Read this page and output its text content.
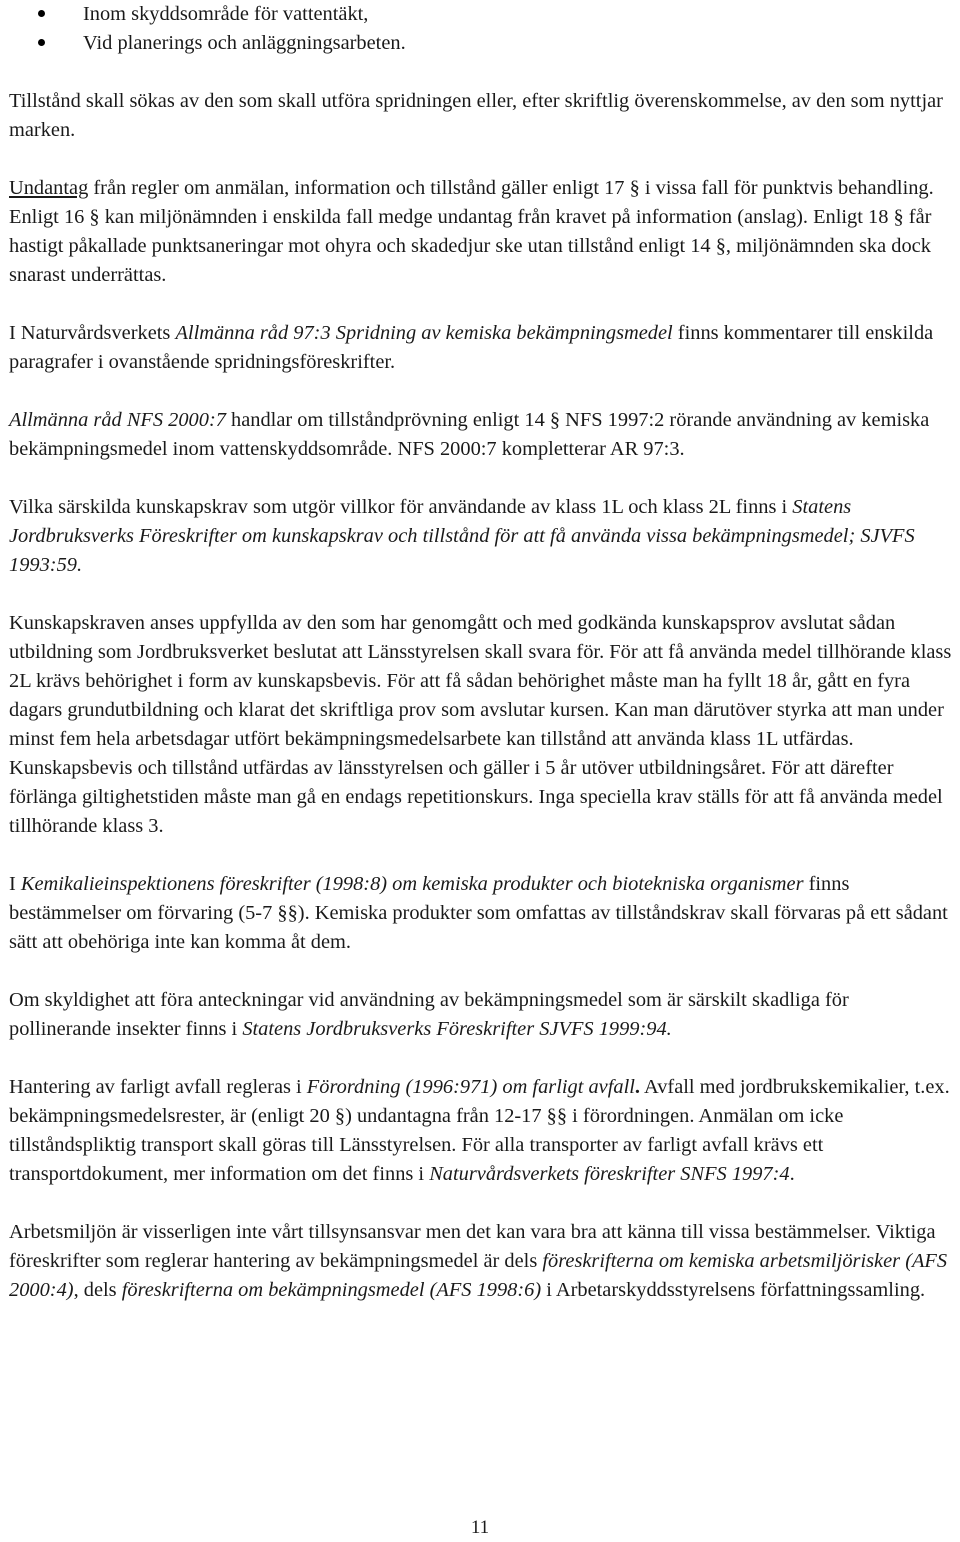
Inom skyddsområde för vattentäkt,
Vid planerings och anläggningsarbeten.

Tillstånd skall sökas av den som skall utföra spridningen eller, efter skriftlig överenskommelse, av den som nyttjar marken.

Undantag från regler om anmälan, information och tillstånd gäller enligt 17 § i vissa fall för punktvis behandling. Enligt 16 § kan miljönämnden i enskilda fall medge undantag från kravet på information (anslag). Enligt 18 § får hastigt påkallade punktsaneringar mot ohyra och skadedjur ske utan tillstånd enligt 14 §, miljönämnden ska dock snarast underrättas.

I Naturvårdsverkets Allmänna råd 97:3 Spridning av kemiska bekämpningsmedel finns kommentarer till enskilda paragrafer i ovanstående spridningsföreskrifter.

Allmänna råd NFS 2000:7 handlar om tillståndprövning enligt 14 § NFS 1997:2 rörande användning av kemiska bekämpningsmedel inom vattenskyddsområde. NFS 2000:7 kompletterar AR 97:3.

Vilka särskilda kunskapskrav som utgör villkor för användande av klass 1L och klass 2L finns i Statens Jordbruksverks Föreskrifter om kunskapskrav och tillstånd för att få använda vissa bekämpningsmedel; SJVFS 1993:59.

Kunskapskraven anses uppfyllda av den som har genomgått och med godkända kunskapsprov avslutat sådan utbildning som Jordbruksverket beslutat att Länsstyrelsen skall svara för. För att få använda medel tillhörande klass 2L krävs behörighet i form av kunskapsbevis. För att få sådan behörighet måste man ha fyllt 18 år, gått en fyra dagars grundutbildning och klarat det skriftliga prov som avslutar kursen. Kan man därutöver styrka att man under minst fem hela arbetsdagar utfört bekämpningsmedelsarbete kan tillstånd att använda klass 1L utfärdas. Kunskapsbevis och tillstånd utfärdas av länsstyrelsen och gäller i 5 år utöver utbildningsåret. För att därefter förlänga giltighetstiden måste man gå en endags repetitionskurs. Inga speciella krav ställs för att få använda medel tillhörande klass 3.

I Kemikalieinspektionens föreskrifter (1998:8) om kemiska produkter och biotekniska organismer finns bestämmelser om förvaring (5-7 §§). Kemiska produkter som omfattas av tillståndskrav skall förvaras på ett sådant sätt att obehöriga inte kan komma åt dem.

Om skyldighet att föra anteckningar vid användning av bekämpningsmedel som är särskilt skadliga för pollinerande insekter finns i Statens Jordbruksverks Föreskrifter SJVFS 1999:94.

Hantering av farligt avfall regleras i Förordning (1996:971) om farligt avfall. Avfall med jordbrukskemikalier, t.ex. bekämpningsmedelsrester, är (enligt 20 §) undantagna från 12-17 §§ i förordningen. Anmälan om icke tillståndspliktig transport skall göras till Länsstyrelsen. För alla transporter av farligt avfall krävs ett transportdokument, mer information om det finns i Naturvårdsverkets föreskrifter SNFS 1997:4.

Arbetsmiljön är visserligen inte vårt tillsynsansvar men det kan vara bra att känna till vissa bestämmelser. Viktiga föreskrifter som reglerar hantering av bekämpningsmedel är dels föreskrifterna om kemiska arbetsmiljörisker (AFS 2000:4), dels föreskrifterna om bekämpningsmedel (AFS 1998:6) i Arbetarskyddsstyrelsens författningssamling.

11
